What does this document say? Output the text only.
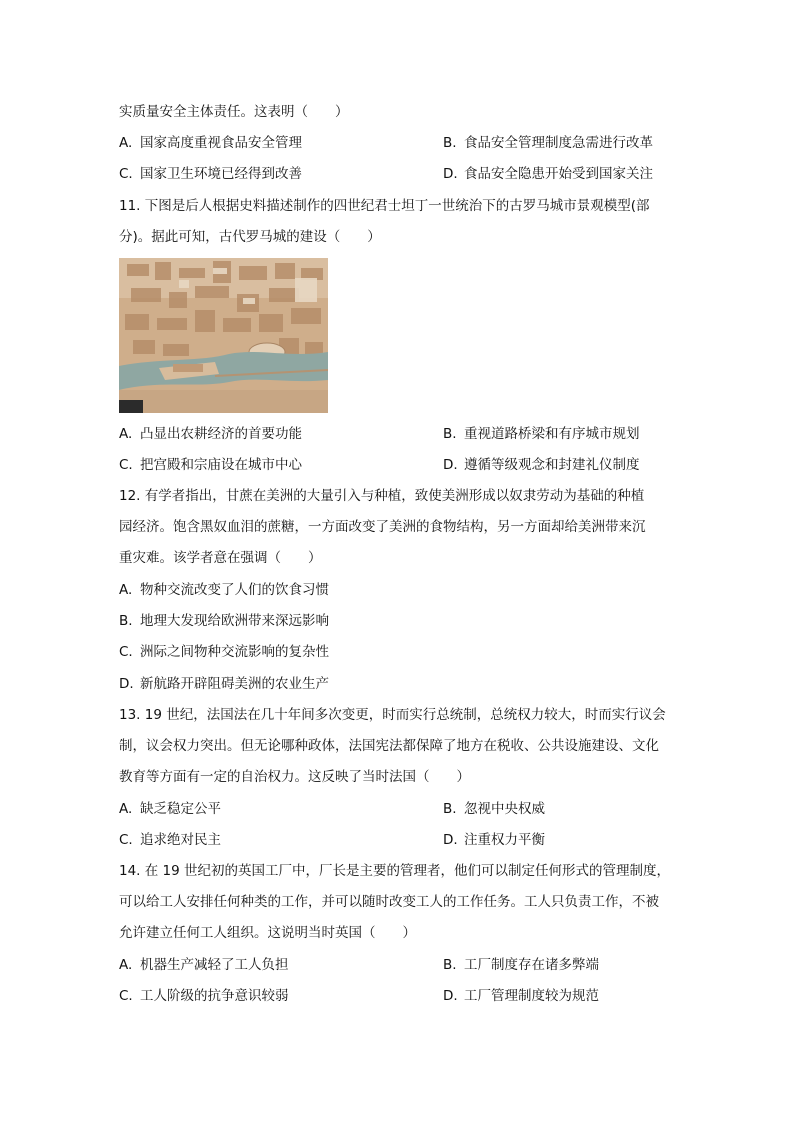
实质量安全主体责任。这表明（　　）
A. 国家高度重视食品安全管理	B. 食品安全管理制度急需进行改革
C. 国家卫生环境已经得到改善	D. 食品安全隐患开始受到国家关注
11. 下图是后人根据史料描述制作的四世纪君士坦丁一世统治下的古罗马城市景观模型(部
分)。据此可知，古代罗马城的建设（　　）
A. 凸显出农耕经济的首要功能	B. 重视道路桥梁和有序城市规划
C. 把宫殿和宗庙设在城市中心	D. 遵循等级观念和封建礼仪制度
12. 有学者指出，甘蔗在美洲的大量引入与种植，致使美洲形成以奴隶劳动为基础的种植
园经济。饱含黑奴血泪的蔗糖，一方面改变了美洲的食物结构，另一方面却给美洲带来沉
重灾难。该学者意在强调（　　）
A. 物种交流改变了人们的饮食习惯
B. 地理大发现给欧洲带来深远影响
C. 洲际之间物种交流影响的复杂性
D. 新航路开辟阻碍美洲的农业生产
13. 19 世纪，法国法在几十年间多次变更，时而实行总统制，总统权力较大，时而实行议会
制，议会权力突出。但无论哪种政体，法国宪法都保障了地方在税收、公共设施建设、文化
教育等方面有一定的自治权力。这反映了当时法国（　　）
A. 缺乏稳定公平	B. 忽视中央权威
C. 追求绝对民主	D. 注重权力平衡
14. 在 19 世纪初的英国工厂中，厂长是主要的管理者，他们可以制定任何形式的管理制度，
可以给工人安排任何种类的工作，并可以随时改变工人的工作任务。工人只负责工作，不被
允许建立任何工人组织。这说明当时英国（　　）
A. 机器生产减轻了工人负担	B. 工厂制度存在诸多弊端
C. 工人阶级的抗争意识较弱	D. 工厂管理制度较为规范
